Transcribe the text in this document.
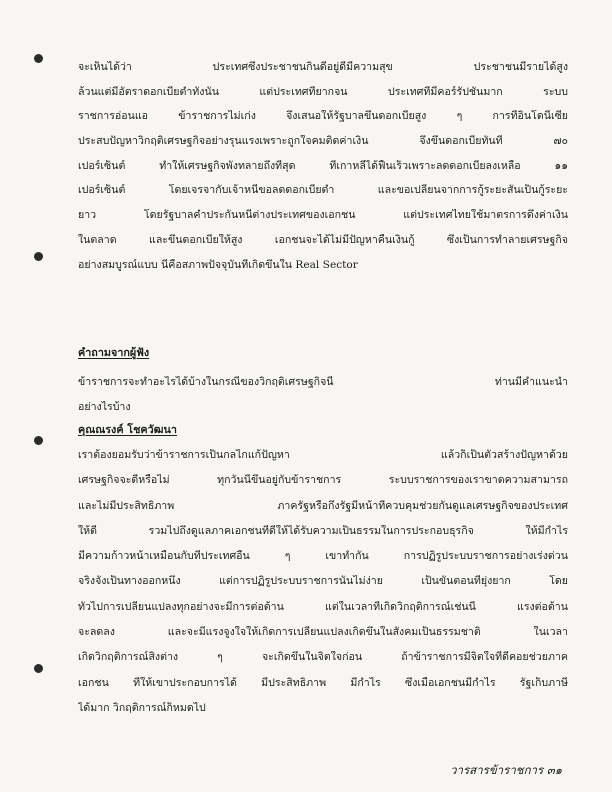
จะเห็นได้ว่า ประเทศซึ่งประชาชนกินดีอยู่ดีมีความสุข ประชาชนมีรายได้สูง
ล้วนแต่มีอัตราดอกเบี้ยต่ำทั้งนั้น แต่ประเทศที่ยากจน ประเทศที่มีคอร์รัปชั่นมาก ระบบ
ราชการอ่อนแอ ข้าราชการไม่เก่ง จึงเสนอให้รัฐบาลขึ้นดอกเบี้ยสูง ๆ การที่อินโดนีเซีย
ประสบปัญหาวิกฤติเศรษฐกิจอย่างรุนแรงเพราะถูกใจคมติดค่าเงิน จึงขึ้นดอกเบี้ยทันที ๗๐
เปอร์เซ็นต์ ทำให้เศรษฐกิจพังทลายถึงที่สุด ที่เกาหลีได้ฟื้นเร็วเพราะลดดอกเบี้ยลงเหลือ ๑๑
เปอร์เซ็นต์ โดยเจรจากับเจ้าหนี้ขอลดดอกเบี้ยต่ำ และขอเปลี่ยนจากการกู้ระยะสั้นเป็นกู้ระยะ
ยาว โดยรัฐบาลค้ำประกันหนี้ต่างประเทศของเอกชน แต่ประเทศไทยใช้มาตรการดึงค่าเงิน
ในตลาด และขึ้นดอกเบี้ยให้สูง เอกชนจะได้ไม่มีปัญหาคืนเงินกู้ ซึ่งเป็นการทำลายเศรษฐกิจ
อย่างสมบูรณ์แบบ นี่คือสภาพปัจจุบันที่เกิดขึ้นใน Real Sector
คำถามจากผู้ฟัง
ข้าราชการจะทำอะไรได้บ้างในกรณีของวิกฤติเศรษฐกิจนี้ ท่านมีคำแนะนำ
อย่างไรบ้าง
คุณณรงค์ โชควัฒนา
เราต้องยอมรับว่าข้าราชการเป็นกลไกแก้ปัญหา แล้วก็เป็นตัวสร้างปัญหาด้วย
เศรษฐกิจจะดีหรือไม่ ทุกวันนี้ขึ้นอยู่กับข้าราชการ ระบบราชการของเราขาดความสามารถ
และไม่มีประสิทธิภาพ ภาครัฐหรือกึ่งรัฐมีหน้าที่ควบคุมช่วยกันดูแลเศรษฐกิจของประเทศ
ให้ดี รวมไปถึงดูแลภาคเอกชนที่ดีให้ได้รับความเป็นธรรมในการประกอบธุรกิจ ให้มีกำไร
มีความก้าวหน้าเหมือนกับที่ประเทศอื่น ๆ เขาทำกัน การปฏิรูประบบราชการอย่างเร่งด่วน
จริงจังเป็นทางออกหนึ่ง แต่การปฏิรูประบบราชการนั้นไม่ง่าย เป็นขั้นตอนที่ยุ่งยาก โดย
ทั่วไปการเปลี่ยนแปลงทุกอย่างจะมีการต่อต้าน แต่ในเวลาที่เกิดวิกฤติการณ์เช่นนี้ แรงต่อต้าน
จะลดลง และจะมีแรงจูงใจให้เกิดการเปลี่ยนแปลงเกิดขึ้นในสังคมเป็นธรรมชาติ ในเวลา
เกิดวิกฤติการณ์สิ่งต่าง ๆ จะเกิดขึ้นในจิตใจก่อน ถ้าข้าราชการมีจิตใจที่ดีคอยช่วยภาค
เอกชน ที่ให้เขาประกอบการได้ มีประสิทธิภาพ มีกำไร ซึ่งเมื่อเอกชนมีกำไร รัฐเก็บภาษี
ได้มาก วิกฤติการณ์ก็หมดไป
วารสารข้าราชการ ๓๑
